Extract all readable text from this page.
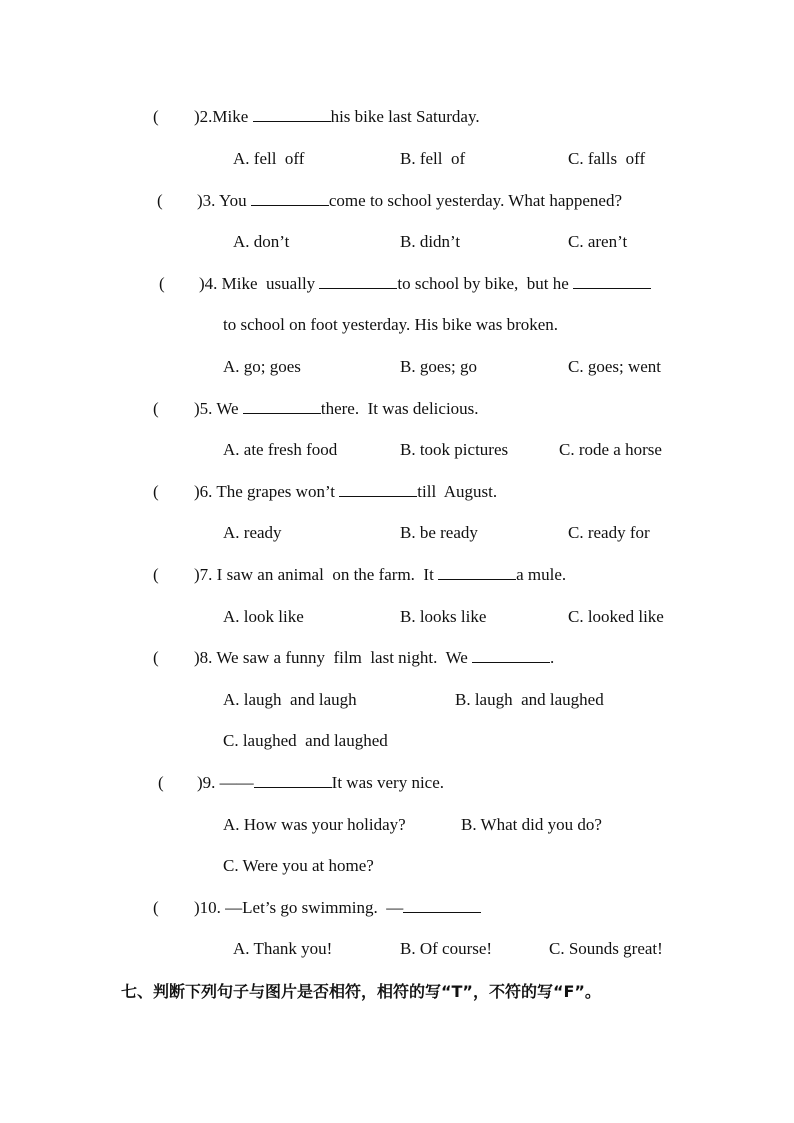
( )2.Mike	his bike last Saturday.
A. fell  off	B. fell  of	C. falls  off
( )3. You	come to school yesterday. What happened?
A. don’t	B. didn’t	C. aren’t
( )4. Mike  usually	to school by bike,  but he
to school on foot yesterday. His bike was broken.
A. go; goes	B. goes; go	C. goes; went
( )5. We	there.  It was delicious.
A. ate fresh food	B. took pictures	C. rode a horse
( )6. The grapes won’t	till  August.
A. ready	B. be ready	C. ready for
( )7. I saw an animal  on the farm.  It	a mule.
A. look like	B. looks like	C. looked like
( )8. We saw a funny  film  last night.  We	.
A. laugh  and laugh	B. laugh  and laughed
C. laughed  and laughed
( )9. ——	It was very nice.
A. How was your holiday?	B. What did you do?
C. Were you at home?
( )10. —Let’s go swimming.  —
A. Thank you!	B. Of course!	C. Sounds great!
七、判断下列句子与图片是否相符，相符的写“T”，不符的写“F”。
